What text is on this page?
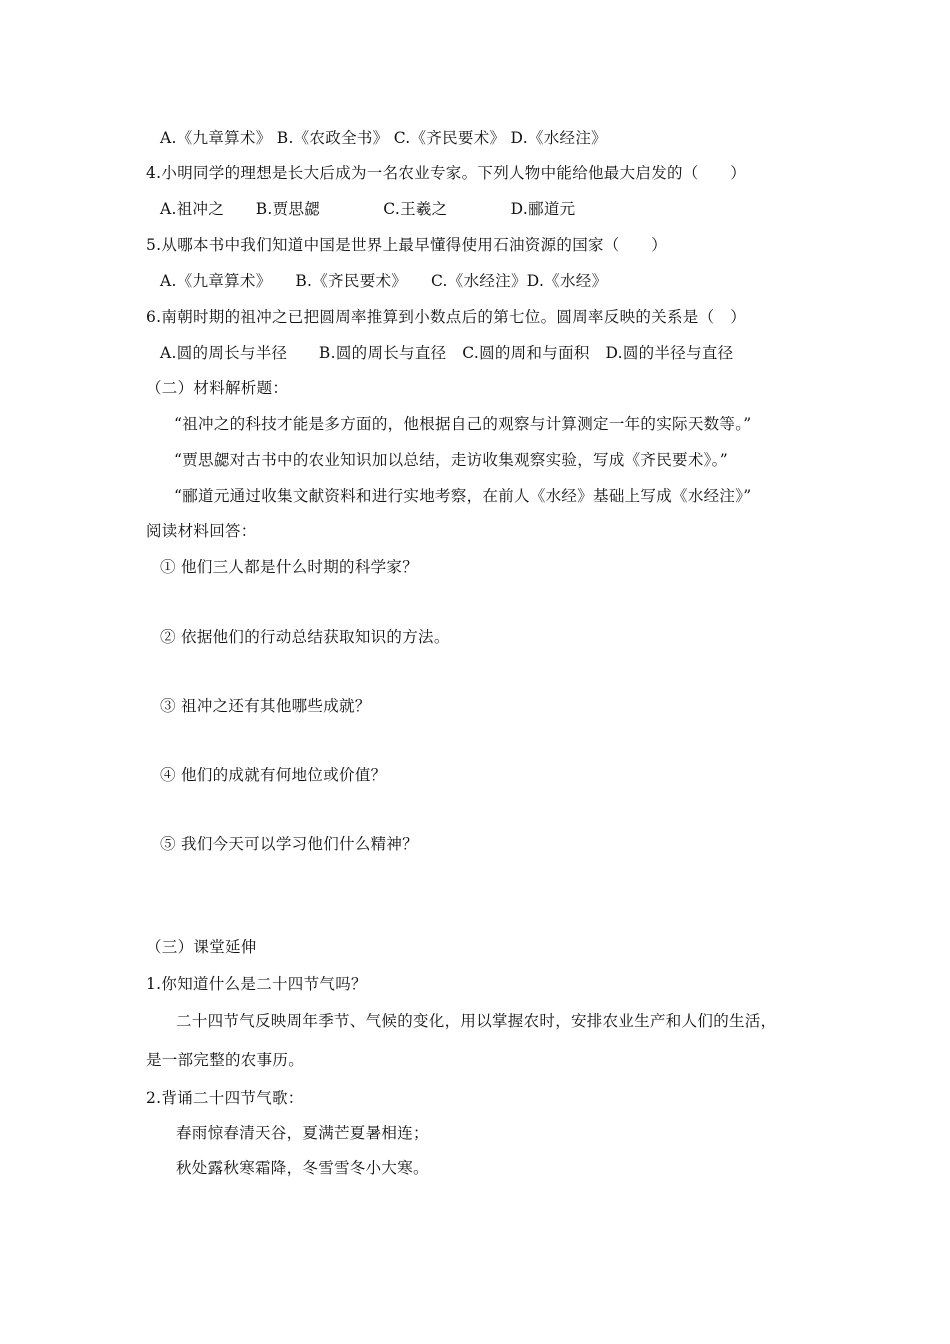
A.《九章算术》 B.《农政全书》 C.《齐民要术》 D.《水经注》
4.小明同学的理想是长大后成为一名农业专家。下列人物中能给他最大启发的（　　）
A.祖冲之　　B.贾思勰　　　　C.王羲之　　　　D.郦道元
5.从哪本书中我们知道中国是世界上最早懂得使用石油资源的国家（　　）
A.《九章算术》　　B.《齐民要术》　　C.《水经注》D.《水经》
6.南朝时期的祖冲之已把圆周率推算到小数点后的第七位。圆周率反映的关系是（　）
A.圆的周长与半径　　B.圆的周长与直径　C.圆的周和与面积　D.圆的半径与直径
（二）材料解析题：
“祖冲之的科技才能是多方面的，他根据自己的观察与计算测定一年的实际天数等。”
“贾思勰对古书中的农业知识加以总结，走访收集观察实验，写成《齐民要术》。”
“郦道元通过收集文献资料和进行实地考察，在前人《水经》基础上写成《水经注》”
阅读材料回答：
① 他们三人都是什么时期的科学家？
② 依据他们的行动总结获取知识的方法。
③ 祖冲之还有其他哪些成就？
④ 他们的成就有何地位或价值？
⑤ 我们今天可以学习他们什么精神？
（三）课堂延伸
1.你知道什么是二十四节气吗？
二十四节气反映周年季节、气候的变化，用以掌握农时，安排农业生产和人们的生活，
是一部完整的农事历。
2.背诵二十四节气歌：
春雨惊春清天谷，夏满芒夏暑相连；
秋处露秋寒霜降，冬雪雪冬小大寒。
